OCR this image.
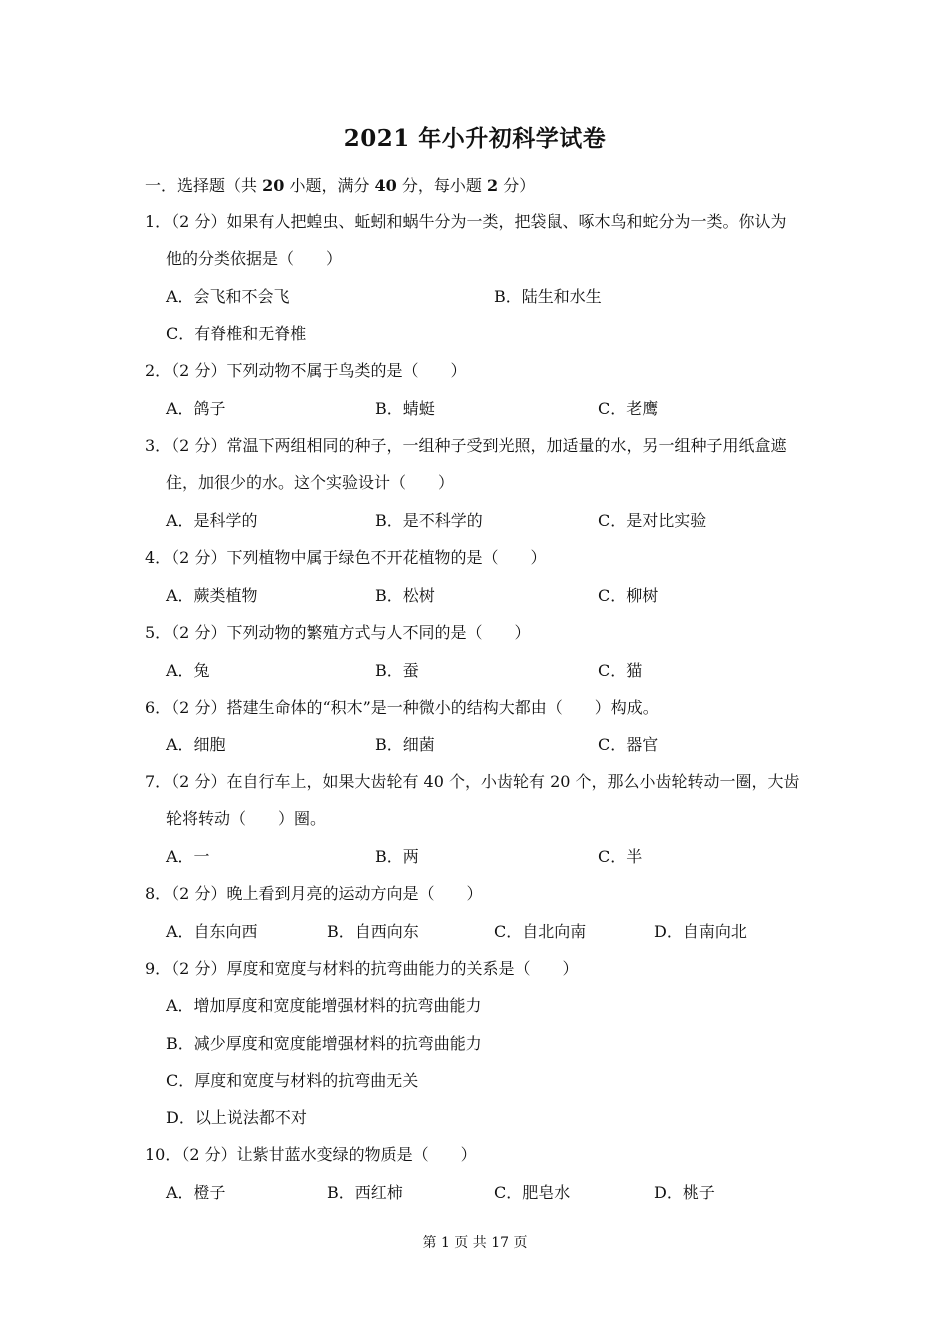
2021 年小升初科学试卷
一．选择题（共 20 小题，满分 40 分，每小题 2 分）
1．（2 分）如果有人把蝗虫、蚯蚓和蜗牛分为一类，把袋鼠、啄木鸟和蛇分为一类。你认为
他的分类依据是（　　）
A．会飞和不会飞	B．陆生和水生
C．有脊椎和无脊椎
2．（2 分）下列动物不属于鸟类的是（　　）
A．鸽子	B．蜻蜓	C．老鹰
3．（2 分）常温下两组相同的种子，一组种子受到光照，加适量的水，另一组种子用纸盒遮
住，加很少的水。这个实验设计（　　）
A．是科学的	B．是不科学的	C．是对比实验
4．（2 分）下列植物中属于绿色不开花植物的是（　　）
A．蕨类植物	B．松树	C．柳树
5．（2 分）下列动物的繁殖方式与人不同的是（　　）
A．兔	B．蚕	C．猫
6．（2 分）搭建生命体的“积木”是一种微小的结构大都由（　　）构成。
A．细胞	B．细菌	C．器官
7．（2 分）在自行车上，如果大齿轮有 40 个，小齿轮有 20 个，那么小齿轮转动一圈，大齿
轮将转动（　　）圈。
A．一	B．两	C．半
8．（2 分）晚上看到月亮的运动方向是（　　）
A．自东向西	B．自西向东	C．自北向南	D．自南向北
9．（2 分）厚度和宽度与材料的抗弯曲能力的关系是（　　）
A．增加厚度和宽度能增强材料的抗弯曲能力
B．减少厚度和宽度能增强材料的抗弯曲能力
C．厚度和宽度与材料的抗弯曲无关
D．以上说法都不对
10．（2 分）让紫甘蓝水变绿的物质是（　　）
A．橙子	B．西红柿	C．肥皂水	D．桃子
第 1 页 共 17 页
